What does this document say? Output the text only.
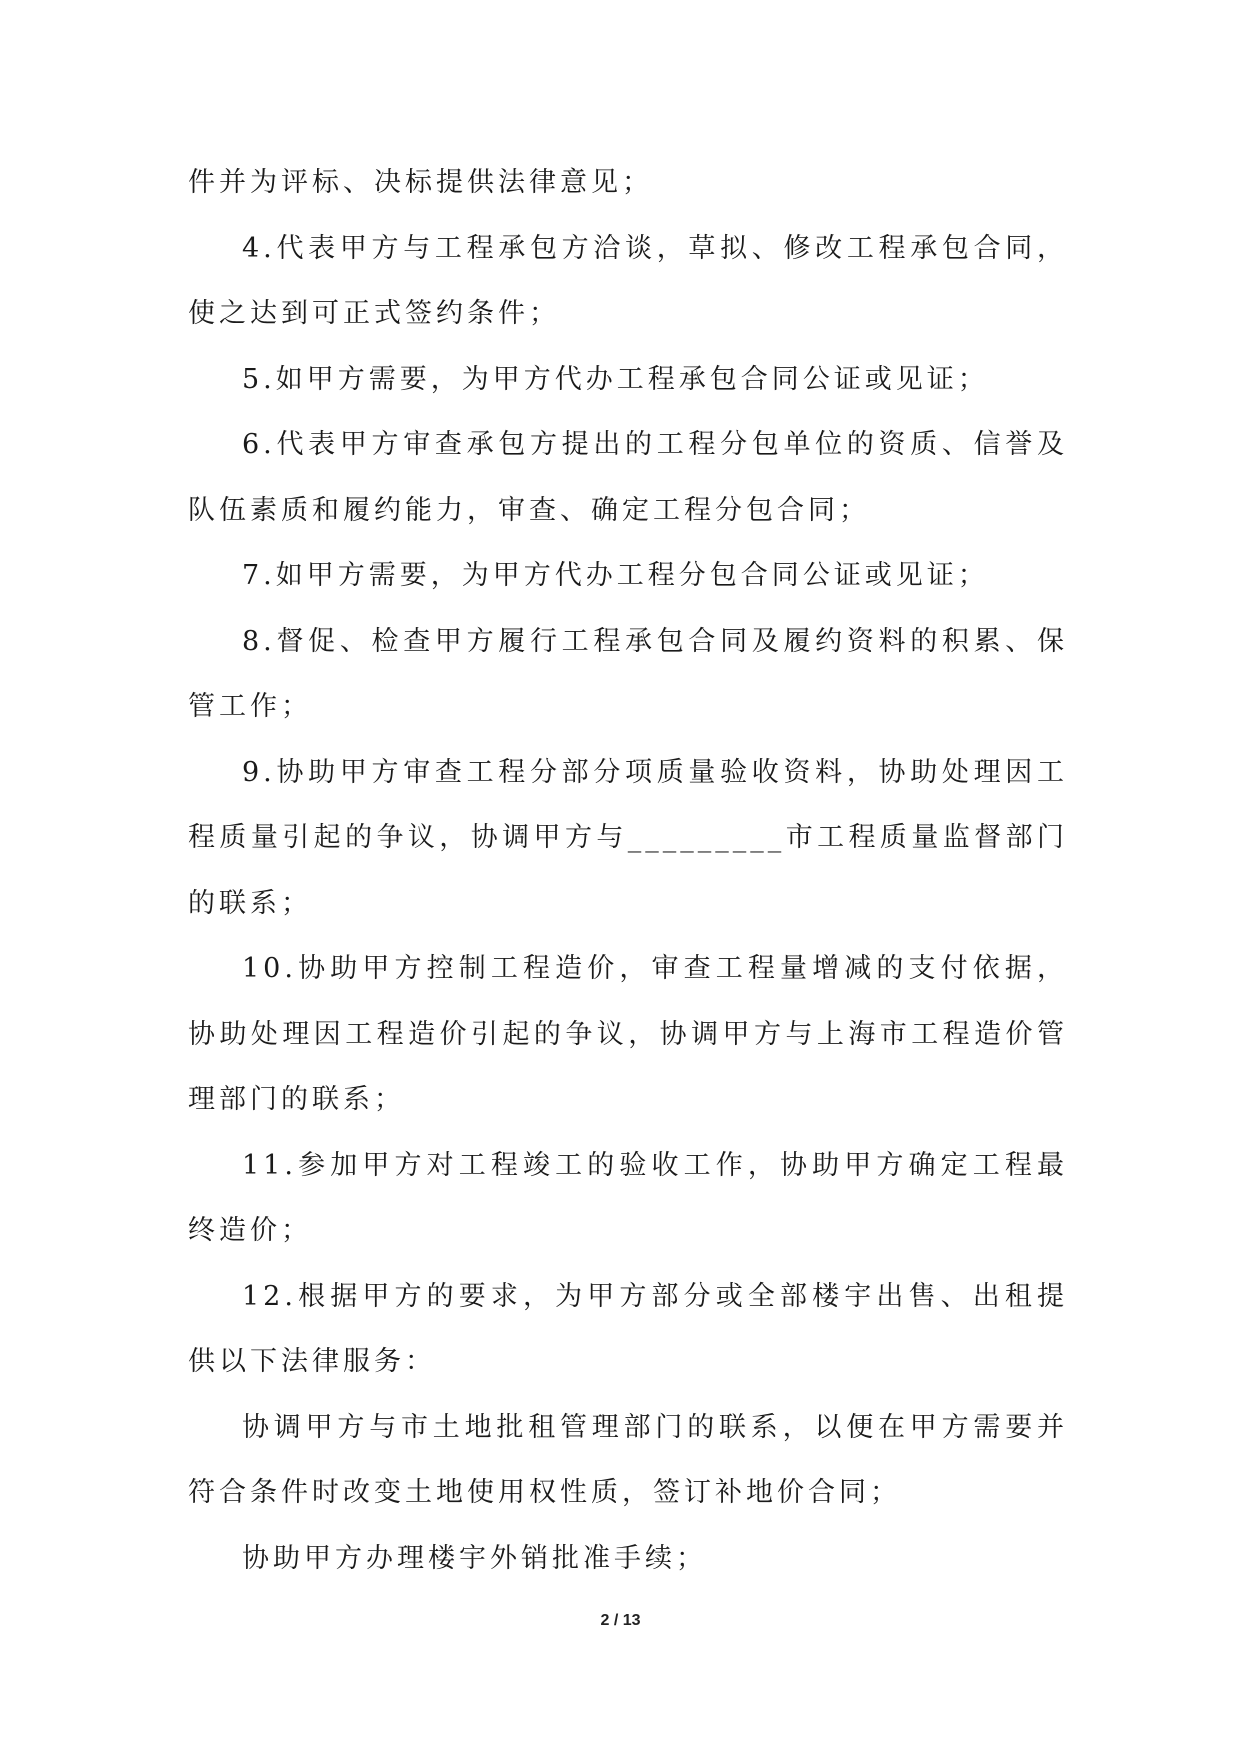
件并为评标、决标提供法律意见；

4.代表甲方与工程承包方洽谈，草拟、修改工程承包合同，使之达到可正式签约条件；

5.如甲方需要，为甲方代办工程承包合同公证或见证；

6.代表甲方审查承包方提出的工程分包单位的资质、信誉及队伍素质和履约能力，审查、确定工程分包合同；

7.如甲方需要，为甲方代办工程分包合同公证或见证；

8.督促、检查甲方履行工程承包合同及履约资料的积累、保管工作；

9.协助甲方审查工程分部分项质量验收资料，协助处理因工程质量引起的争议，协调甲方与_________市工程质量监督部门的联系；

10.协助甲方控制工程造价，审查工程量增减的支付依据，协助处理因工程造价引起的争议，协调甲方与上海市工程造价管理部门的联系；

11.参加甲方对工程竣工的验收工作，协助甲方确定工程最终造价；

12.根据甲方的要求，为甲方部分或全部楼宇出售、出租提供以下法律服务：

协调甲方与市土地批租管理部门的联系，以便在甲方需要并符合条件时改变土地使用权性质，签订补地价合同；

协助甲方办理楼宇外销批准手续；

2 / 13
